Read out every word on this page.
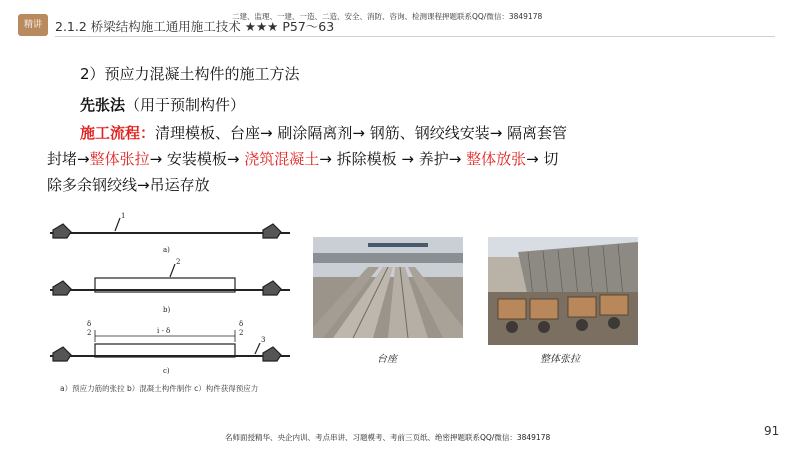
精讲	2.1.2 桥梁结构施工通用施工技术 ★★★ P57～63
二建、监理、一建、一造、二造、安全、消防、咨询、检测课程押题联系QQ/微信：3849178
2）预应力混凝土构件的施工方法
先张法（用于预制构件）
施工流程：清理模板、台座→ 刷涂隔离剂→ 钢筋、钢绞线安装→ 隔离套管
封堵→整体张拉→ 安装模板→ 浇筑混凝土→ 拆除模板 → 养护→ 整体放张→ 切
除多余钢绞线→吊运存放
1
a)
2
b)
i - δ
δ
2
δ
2
3
c)
a）预应力筋的张拉 b）混凝土构件制作 c）构件获得预应力
台座	整体张拉
名师面授精华、央企内训、考点串讲、习题模考、考前三页纸、绝密押题联系QQ/微信：3849178	91
